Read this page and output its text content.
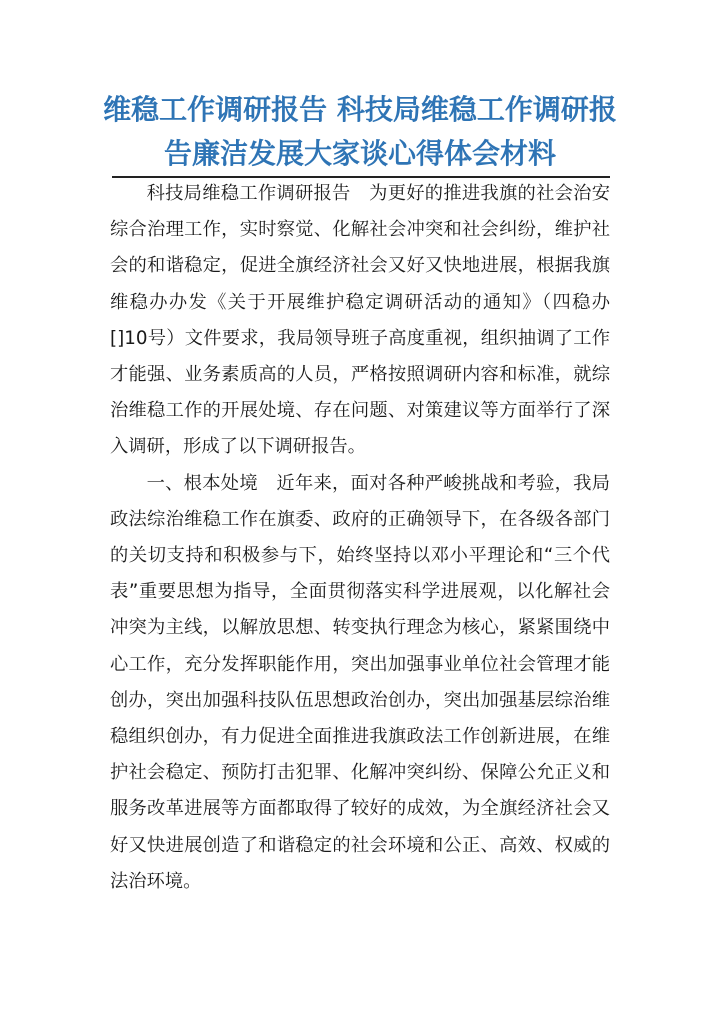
维稳工作调研报告 科技局维稳工作调研报
告廉洁发展大家谈心得体会材料

科技局维稳工作调研报告　为更好的推进我旗的社会治安综合治理工作，实时察觉、化解社会冲突和社会纠纷，维护社会的和谐稳定，促进全旗经济社会又好又快地进展，根据我旗维稳办办发《关于开展维护稳定调研活动的通知》（四稳办[]10号）文件要求，我局领导班子高度重视，组织抽调了工作才能强、业务素质高的人员，严格按照调研内容和标准，就综治维稳工作的开展处境、存在问题、对策建议等方面举行了深入调研，形成了以下调研报告。

一、根本处境　近年来，面对各种严峻挑战和考验，我局政法综治维稳工作在旗委、政府的正确领导下，在各级各部门的关切支持和积极参与下，始终坚持以邓小平理论和“三个代表”重要思想为指导，全面贯彻落实科学进展观，以化解社会冲突为主线，以解放思想、转变执行理念为核心，紧紧围绕中心工作，充分发挥职能作用，突出加强事业单位社会管理才能创办，突出加强科技队伍思想政治创办，突出加强基层综治维稳组织创办，有力促进全面推进我旗政法工作创新进展，在维护社会稳定、预防打击犯罪、化解冲突纠纷、保障公允正义和服务改革进展等方面都取得了较好的成效，为全旗经济社会又好又快进展创造了和谐稳定的社会环境和公正、高效、权威的法治环境。
